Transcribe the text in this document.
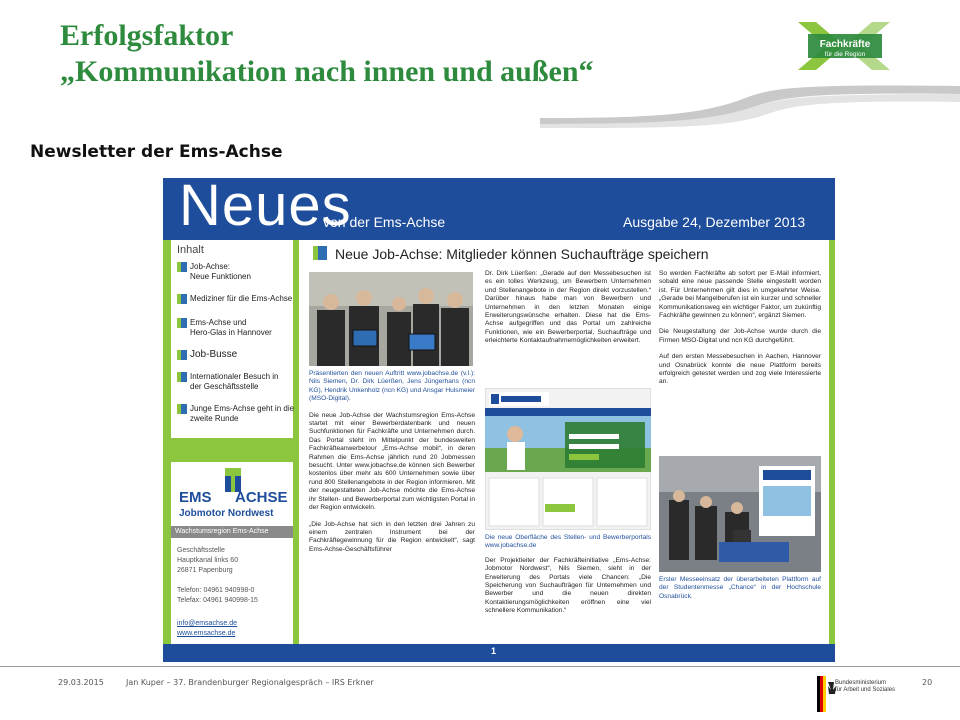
Erfolgsfaktor
„Kommunikation nach innen und außen“
Fachkräfte
für die Region
Newsletter der Ems-Achse
Neues
von der Ems-Achse	Ausgabe 24, Dezember 2013
Inhalt
Job-Achse:
Neue Funktionen
Mediziner für die Ems-Achse
Ems-Achse und
Hero-Glas in Hannover
Job-Busse
Internationaler Besuch in
der Geschäftsstelle
Junge Ems-Achse geht in die
zweite Runde
EMS ACHSE
Jobmotor Nordwest
Wachstumsregion Ems-Achse
Geschäftsstelle
Hauptkanal links 60
26871 Papenburg

Telefon: 04961 940998-0
Telefax: 04961 940998-15
info@emsachse.de
www.emsachse.de
Neue Job-Achse: Mitglieder können Suchaufträge speichern
Präsentierten den neuen Auftritt www.jobachse.de (v.l.): Nils Siemen, Dr. Dirk Lüerßen, Jens Jüngerhans (ncn KG), Hendrik Unkenholz (ncn KG) und Ansgar Hulsmeier (MSO-Digital).
Die neue Job-Achse der Wachstumsregion Ems-Achse startet mit einer Bewerberdatenbank und neuen Suchfunktionen für Fachkräfte und Unternehmen durch. Das Portal steht im Mittelpunkt der bundesweiten Fachkräfteanwerbetour „Ems-Achse mobil“, in deren Rahmen die Ems-Achse jährlich rund 20 Jobmessen besucht. Unter www.jobachse.de können sich Bewerber kostenlos über mehr als 600 Unternehmen sowie über rund 800 Stellenangebote in der Region informieren. Mit der neugestalteten Job-Achse möchte die Ems-Achse ihr Stellen- und Bewerberportal zum wichtigsten Portal in der Region entwickeln.
„Die Job-Achse hat sich in den letzten drei Jahren zu einem zentralen Instrument bei der Fachkräftegewinnung für die Region entwickelt“, sagt Ems-Achse-Geschäftsführer
Dr. Dirk Lüerßen: „Gerade auf den Messebesuchen ist es ein tolles Werkzeug, um Bewerbern Unternehmen und Stellenangebote in der Region direkt vorzustellen.“ Darüber hinaus habe man von Bewerbern und Unternehmen in den letzten Monaten einige Erweiterungswünsche erhalten. Diese hat die Ems-Achse aufgegriffen und das Portal um zahlreiche Funktionen, wie ein Bewerberportal, Suchaufträge und erleichterte Kontaktaufnahmemöglichkeiten erweitert.
Die neue Oberfläche des Stellen- und Bewerberportals www.jobachse.de
Der Projektleiter der Fachkräfteinitiative „Ems-Achse: Jobmotor Nordwest“, Nils Siemen, sieht in der Erweiterung des Portals viele Chancen: „Die Speicherung von Suchaufträgen für Unternehmen und Bewerber und die neuen direkten Kontaktierungsmöglichkeiten eröffnen eine viel schnellere Kommunikation.“
So werden Fachkräfte ab sofort per E-Mail informiert, sobald eine neue passende Stelle eingestellt worden ist. Für Unternehmen gilt dies in umgekehrter Weise. „Gerade bei Mangelberufen ist ein kurzer und schneller Kommunikationsweg ein wichtiger Faktor, um zukünftig Fachkräfte gewinnen zu können“, ergänzt Siemen.
Die Neugestaltung der Job-Achse wurde durch die Firmen MSO-Digital und ncn KG durchgeführt.
Auf den ersten Messebesuchen in Aachen, Hannover und Osnabrück konnte die neue Plattform bereits erfolgreich getestet werden und zog viele Interessierte an.
Erster Messeeinsatz der überarbeiteten Plattform auf der Studentenmesse „Chance“ in der Hochschule Osnabrück.
1
29.03.2015	Jan Kuper – 37. Brandenburger Regionalgespräch – IRS Erkner	20
Bundesministerium
für Arbeit und Soziales
